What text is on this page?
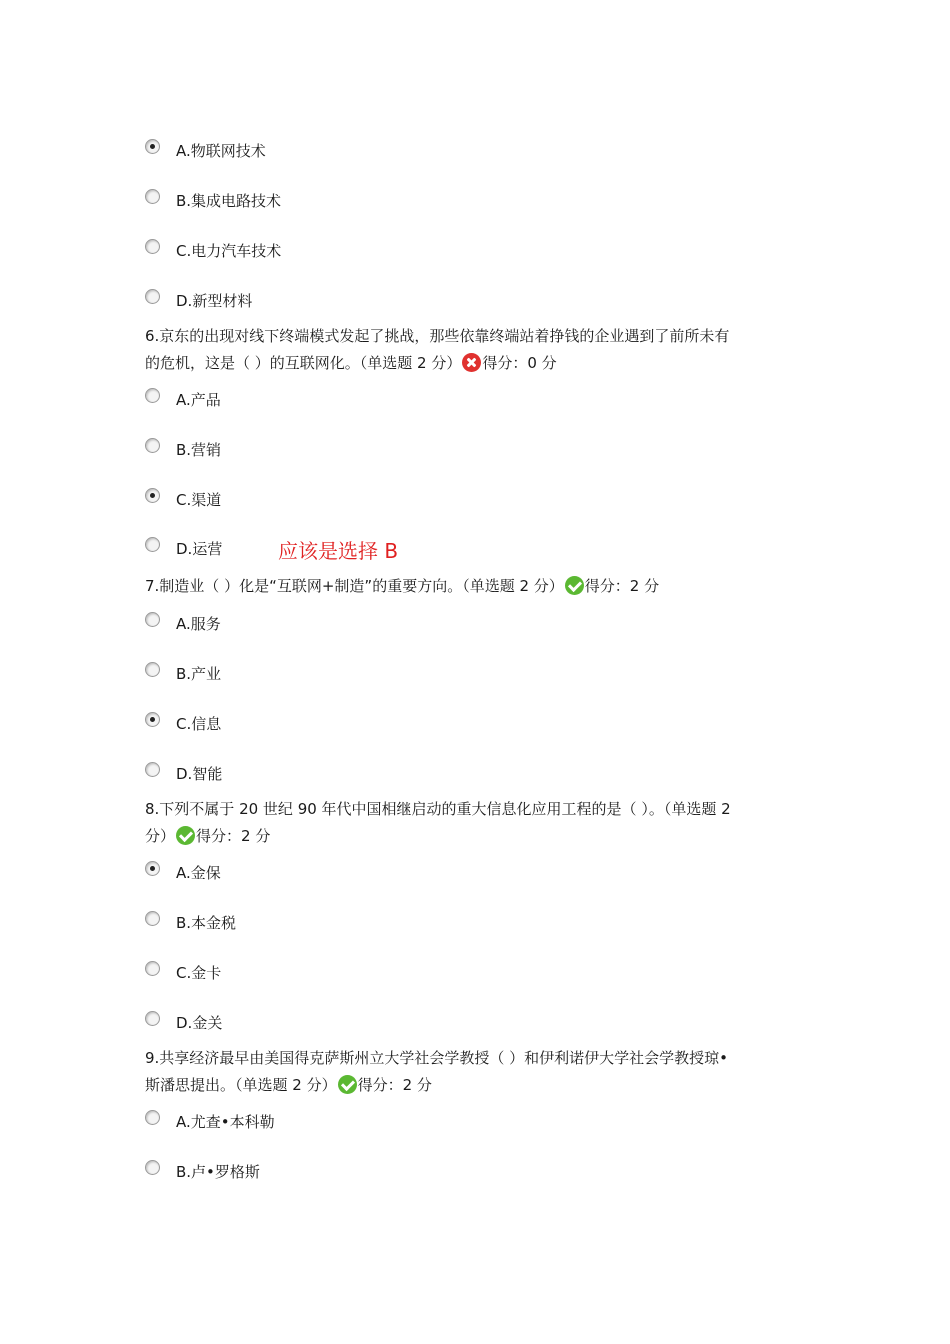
A.物联网技术
B.集成电路技术
C.电力汽车技术
D.新型材料
6.京东的出现对线下终端模式发起了挑战，那些依靠终端站着挣钱的企业遇到了前所未有
的危机，这是（ ）的互联网化。（单选题 2 分） 得分：0 分
A.产品
B.营销
C.渠道
D.运营	应该是选择 B
7.制造业（ ）化是“互联网+制造”的重要方向。（单选题 2 分） 得分：2 分
A.服务
B.产业
C.信息
D.智能
8.下列不属于 20 世纪 90 年代中国相继启动的重大信息化应用工程的是（ ）。（单选题 2
分） 得分：2 分
A.金保
B.本金税
C.金卡
D.金关
9.共享经济最早由美国得克萨斯州立大学社会学教授（ ）和伊利诺伊大学社会学教授琼•
斯潘思提出。（单选题 2 分） 得分：2 分
A.尤查•本科勒
B.卢•罗格斯
